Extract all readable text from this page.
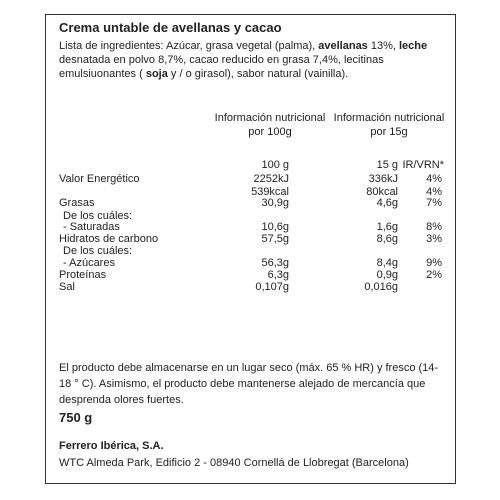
Crema untable de avellanas y cacao
Lista de ingredientes: Azúcar, grasa vegetal (palma), avellanas 13%, leche desnatada en polvo 8,7%, cacao reducido en grasa 7,4%, lecitinas emulsiuonantes ( soja y / o girasol), sabor natural (vainilla).
Información nutricional por 100g
Información nutricional por 15g
100 g	15 g IR/VRN*
Valor Energético	2252kJ	336kJ	4%
539kcal	80kcal	4%
Grasas	30,9g	4,6g	7%
De los cuáles:
- Saturadas	10,6g	1,6g	8%
Hidratos de carbono	57,5g	8,6g	3%
De los cuáles:
- Azúcares	56,3g	8,4g	9%
Proteínas	6,3g	0,9g	2%
Sal	0,107g	0,016g
El producto debe almacenarse en un lugar seco (máx. 65 % HR) y fresco (14-18 ° C). Asimismo, el producto debe mantenerse alejado de mercancía que desprenda olores fuertes.
750 g
Ferrero Ibérica, S.A.
WTC Almeda Park, Edificio 2 - 08940 Cornellá de Llobregat (Barcelona)
